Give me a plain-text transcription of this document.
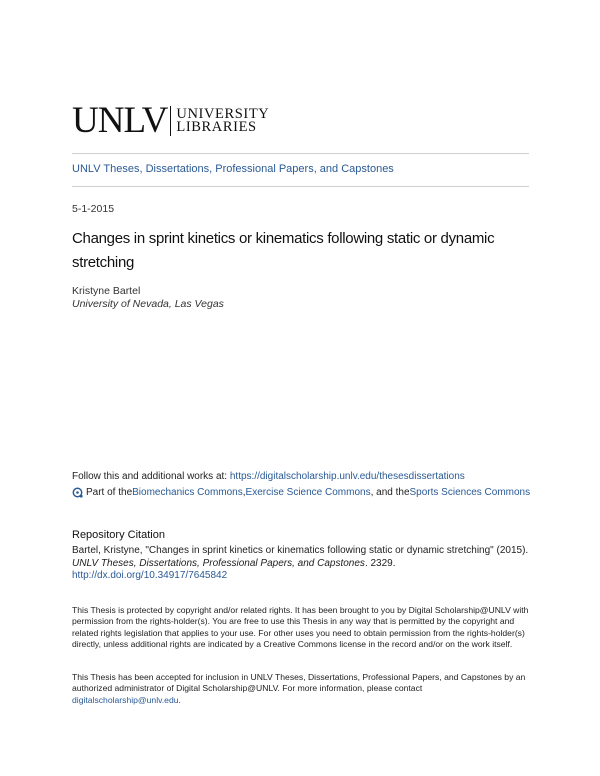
UNLV UNIVERSITY
LIBRARIES
UNLV Theses, Dissertations, Professional Papers, and Capstones
5-1-2015
Changes in sprint kinetics or kinematics following static or dynamic stretching
Kristyne Bartel
University of Nevada, Las Vegas
Follow this and additional works at: https://digitalscholarship.unlv.edu/thesesdissertations
Part of the Biomechanics Commons , Exercise Science Commons , and the Sports Sciences Commons
Repository Citation
Bartel, Kristyne, "Changes in sprint kinetics or kinematics following static or dynamic stretching" (2015).
UNLV Theses, Dissertations, Professional Papers, and Capstones. 2329.
http://dx.doi.org/10.34917/7645842
This Thesis is protected by copyright and/or related rights. It has been brought to you by Digital Scholarship@UNLV with permission from the rights-holder(s). You are free to use this Thesis in any way that is permitted by the copyright and related rights legislation that applies to your use. For other uses you need to obtain permission from the rights-holder(s) directly, unless additional rights are indicated by a Creative Commons license in the record and/or on the work itself.
This Thesis has been accepted for inclusion in UNLV Theses, Dissertations, Professional Papers, and Capstones by an authorized administrator of Digital Scholarship@UNLV. For more information, please contact digitalscholarship@unlv.edu.
